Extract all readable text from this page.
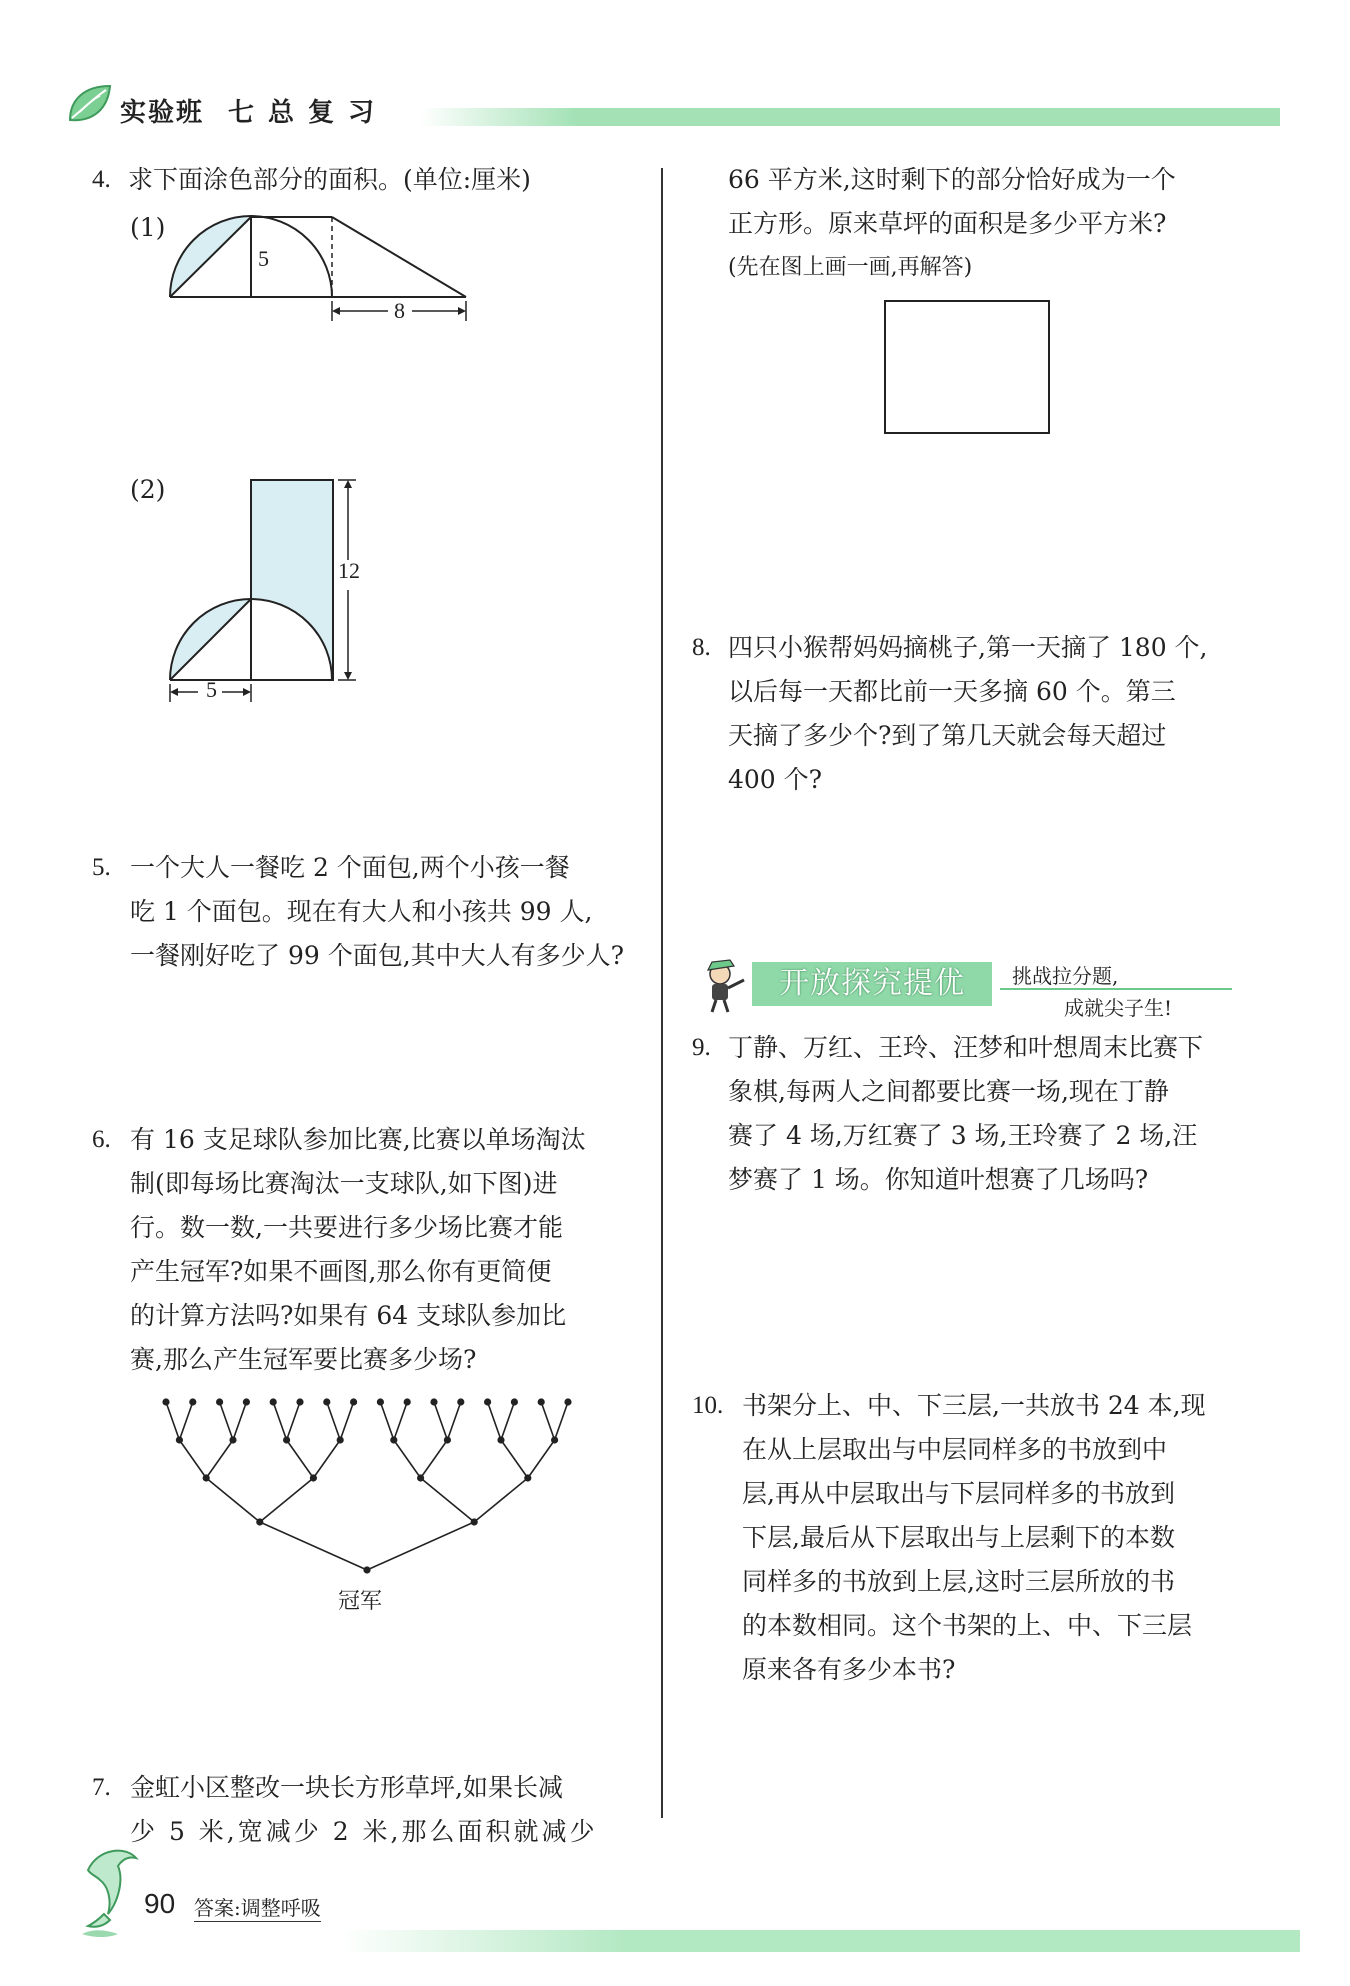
实验班 七总复习
4. 求下面涂色部分的面积。(单位:厘米)
(1)
5
8
(2)
12
5
5. 一个大人一餐吃 2 个面包,两个小孩一餐
吃 1 个面包。现在有大人和小孩共 99 人,
一餐刚好吃了 99 个面包,其中大人有多少人?
6. 有 16 支足球队参加比赛,比赛以单场淘汰
制(即每场比赛淘汰一支球队,如下图)进
行。数一数,一共要进行多少场比赛才能
产生冠军?如果不画图,那么你有更简便
的计算方法吗?如果有 64 支球队参加比
赛,那么产生冠军要比赛多少场?
冠军
7. 金虹小区整改一块长方形草坪,如果长减
少 5 米,宽减少 2 米,那么面积就减少
66 平方米,这时剩下的部分恰好成为一个
正方形。原来草坪的面积是多少平方米?
(先在图上画一画,再解答)
8. 四只小猴帮妈妈摘桃子,第一天摘了 180 个,
以后每一天都比前一天多摘 60 个。第三
天摘了多少个?到了第几天就会每天超过
400 个?
开放探究提优	挑战拉分题,
成就尖子生!
9. 丁静、万红、王玲、汪梦和叶想周末比赛下
象棋,每两人之间都要比赛一场,现在丁静
赛了 4 场,万红赛了 3 场,王玲赛了 2 场,汪
梦赛了 1 场。你知道叶想赛了几场吗?
10. 书架分上、中、下三层,一共放书 24 本,现
在从上层取出与中层同样多的书放到中
层,再从中层取出与下层同样多的书放到
下层,最后从下层取出与上层剩下的本数
同样多的书放到上层,这时三层所放的书
的本数相同。这个书架的上、中、下三层
原来各有多少本书?
90 答案:调整呼吸
